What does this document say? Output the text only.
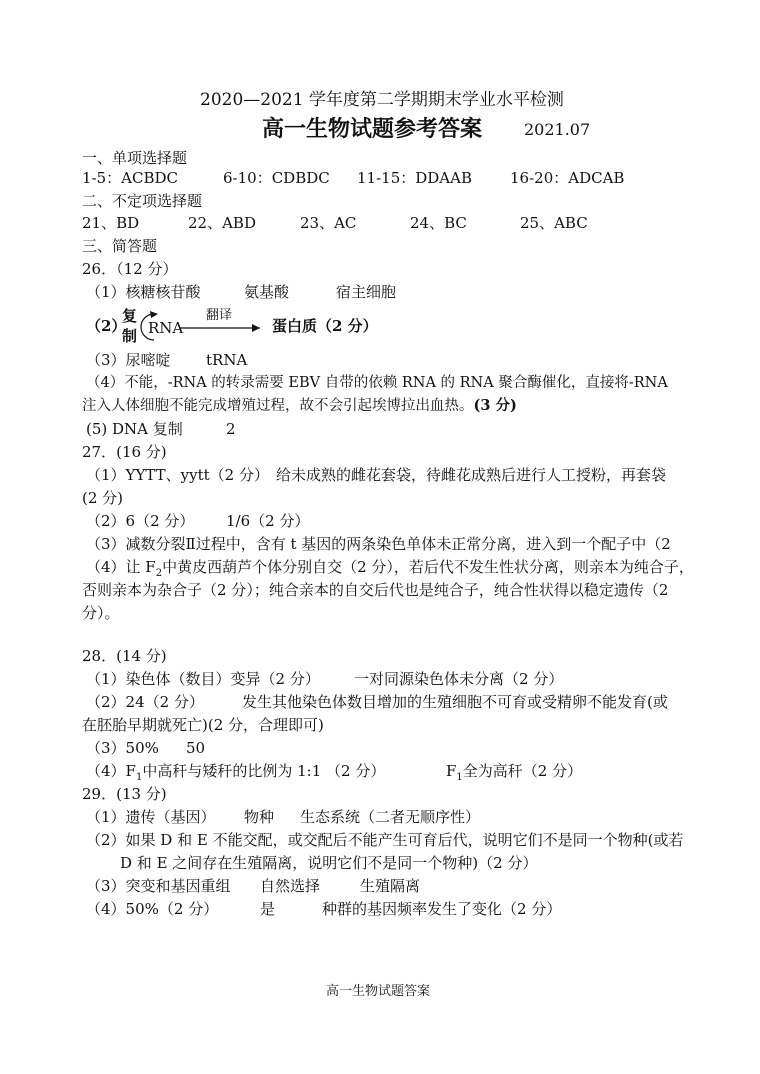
2020—2021 学年度第二学期期末学业水平检测
高一生物试题参考答案	2021.07
一、单项选择题
1-5：ACBDC	6-10：CDBDC 11-15：DDAAB	16-20：ADCAB
二、不定项选择题
21、BD	22、ABD	23、AC	24、BC	25、ABC
三、简答题
26．（12 分）
（1）核糖核苷酸	氨基酸	宿主细胞
（2）
复
制 RNA
翻译
蛋白质（2 分）
（3）尿嘧啶 tRNA
（4）不能，-RNA 的转录需要 EBV 自带的依赖 RNA 的 RNA 聚合酶催化，直接将-RNA
注入人体细胞不能完成增殖过程，故不会引起埃博拉出血热。(3 分)
(5) DNA 复制	2
27．(16 分)
（1）YYTT、yytt（2 分） 给未成熟的雌花套袋，待雌花成熟后进行人工授粉，再套袋
(2 分)
（2）6（2 分） 1/6（2 分）
（3）减数分裂Ⅱ过程中，含有 t 基因的两条染色单体未正常分离，进入到一个配子中（2
（4）让 $F_2$中黄皮西葫芦个体分别自交（2 分），若后代不发生性状分离，则亲本为纯合子，
否则亲本为杂合子（2 分）；纯合亲本的自交后代也是纯合子，纯合性状得以稳定遗传（2
分）。
28．(14 分)
（1）染色体（数目）变异（2 分） 一对同源染色体未分离（2 分）
（2）24（2 分）	发生其他染色体数目增加的生殖细胞不可育或受精卵不能发育(或
在胚胎早期就死亡)(2 分，合理即可)
（3）50% 50
$(4)F_1$中高秆与矮秆的比例为 1:1 （2 分）	$F_1$全为高秆（2 分）
29．(13 分)
（1）遗传（基因） 物种 生态系统（二者无顺序性）
（2）如果 D 和 E 不能交配，或交配后不能产生可育后代，说明它们不是同一个物种(或若
D 和 E 之间存在生殖隔离，说明它们不是同一个物种)（2 分）
（3）突变和基因重组 自然选择	生殖隔离
（4）50%（2 分）	是	种群的基因频率发生了变化（2 分）
高一生物试题答案
